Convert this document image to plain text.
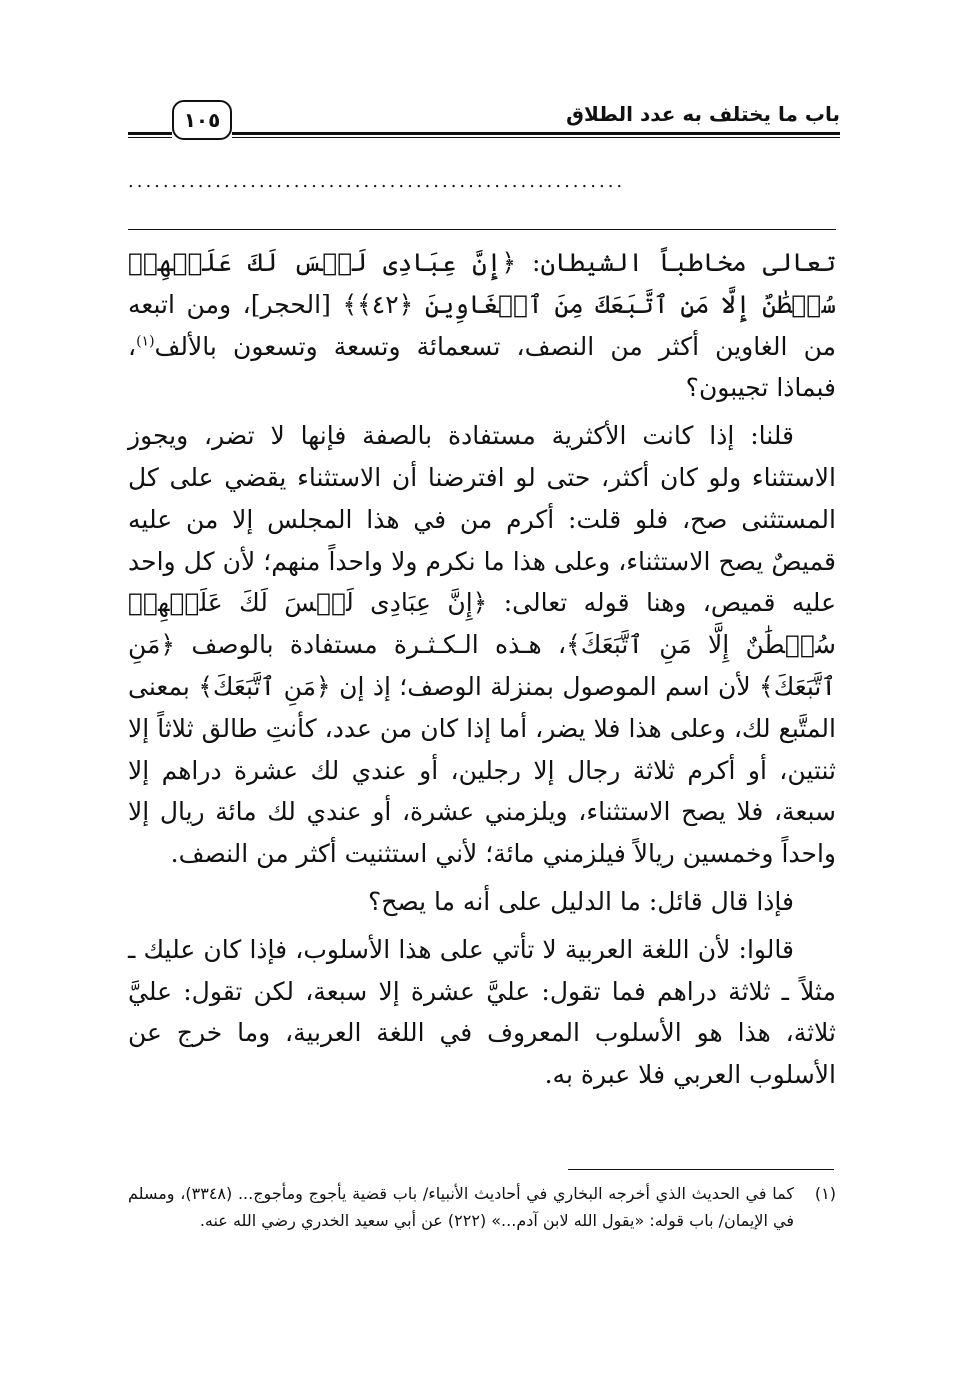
باب ما يختلف به عدد الطلاق
١٠٥
.........................................................

تعالى مخاطباً الشيطان: ﴿إِنَّ عِبَادِى لَيۡسَ لَكَ عَلَيۡهِمۡ سُلۡطَٰنٌ إِلَّا مَنِ ٱتَّبَعَكَ مِنَ ٱلۡغَاوِينَ ﴿٤٢﴾﴾ [الحجر]، ومن اتبعه من الغاوين أكثر من النصف، تسعمائة وتسعة وتسعون بالألف$^{(١)}$، فبماذا تجيبون؟

قلنا: إذا كانت الأكثرية مستفادة بالصفة فإنها لا تضر، ويجوز الاستثناء ولو كان أكثر، حتى لو افترضنا أن الاستثناء يقضي على كل المستثنى صح، فلو قلت: أكرم من في هذا المجلس إلا من عليه قميصٌ يصح الاستثناء، وعلى هذا ما نكرم ولا واحداً منهم؛ لأن كل واحد عليه قميص، وهنا قوله تعالى: ﴿إِنَّ عِبَادِى لَيۡسَ لَكَ عَلَيۡهِمۡ سُلۡطَٰنٌ إِلَّا مَنِ ٱتَّبَعَكَ﴾، هـذه الـكـثـرة مستفادة بالوصف ﴿مَنِ ٱتَّبَعَكَ﴾ لأن اسم الموصول بمنزلة الوصف؛ إذ إن ﴿مَنِ ٱتَّبَعَكَ﴾ بمعنى المتَّبع لك، وعلى هذا فلا يضر، أما إذا كان من عدد، كأنتِ طالق ثلاثاً إلا ثنتين، أو أكرم ثلاثة رجال إلا رجلين، أو عندي لك عشرة دراهم إلا سبعة، فلا يصح الاستثناء، ويلزمني عشرة، أو عندي لك مائة ريال إلا واحداً وخمسين ريالاً فيلزمني مائة؛ لأني استثنيت أكثر من النصف.

فإذا قال قائل: ما الدليل على أنه ما يصح؟

قالوا: لأن اللغة العربية لا تأتي على هذا الأسلوب، فإذا كان عليك ـ مثلاً ـ ثلاثة دراهم فما تقول: عليَّ عشرة إلا سبعة، لكن تقول: عليَّ ثلاثة، هذا هو الأسلوب المعروف في اللغة العربية، وما خرج عن الأسلوب العربي فلا عبرة به.

(١)
كما في الحديث الذي أخرجه البخاري في أحاديث الأنبياء/ باب قضية يأجوج ومأجوج... (٣٣٤٨)، ومسلم في الإيمان/ باب قوله: «يقول الله لابن آدم...» (٢٢٢) عن أبي سعيد الخدري رضي الله عنه.
